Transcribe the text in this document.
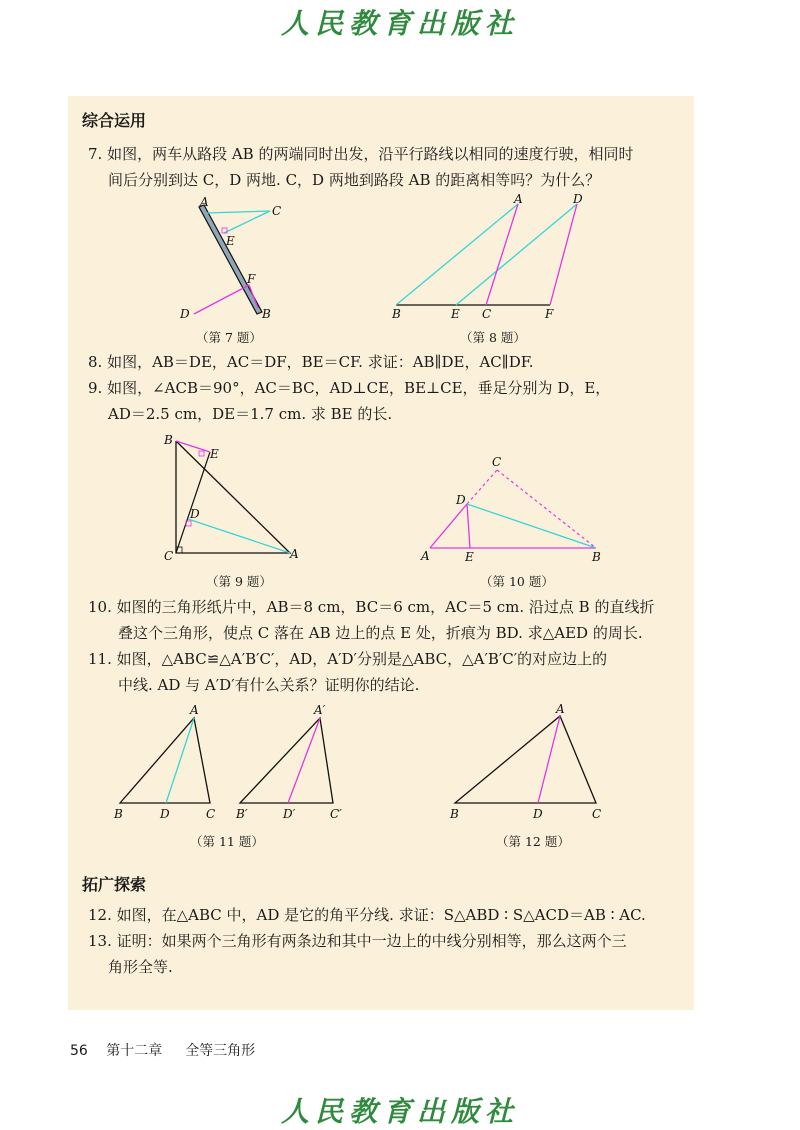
人民教育出版社
综合运用
7. 如图，两车从路段 AB 的两端同时出发，沿平行路线以相同的速度行驶，相同时
间后分别到达 C，D 两地. C，D 两地到路段 AB 的距离相等吗？为什么？
A
C
E
F
D	B
（第 7 题）
A	D
B	E C	F
（第 8 题）
8. 如图，AB＝DE，AC＝DF，BE＝CF. 求证：AB∥DE，AC∥DF.
9. 如图，∠ACB＝90°，AC＝BC，AD⊥CE，BE⊥CE，垂足分别为 D，E，
AD＝2.5 cm，DE＝1.7 cm. 求 BE 的长.
B
E
D
C	A
（第 9 题）
C
D
A	E	B
（第 10 题）
10. 如图的三角形纸片中，AB＝8 cm，BC＝6 cm，AC＝5 cm. 沿过点 B 的直线折
叠这个三角形，使点 C 落在 AB 边上的点 E 处，折痕为 BD. 求△AED 的周长.
11. 如图，△ABC≌△A′B′C′，AD，A′D′分别是△ABC，△A′B′C′的对应边上的
中线. AD 与 A′D′有什么关系？证明你的结论.
A
B	D	C
A′
B′	D′	C′
（第 11 题）
A
B	D	C
（第 12 题）
拓广探索
12. 如图，在△ABC 中，AD 是它的角平分线. 求证：S△ABD ∶ S△ACD＝AB ∶ AC.
13. 证明：如果两个三角形有两条边和其中一边上的中线分别相等，那么这两个三
角形全等.
56 第十二章 全等三角形
人民教育出版社
